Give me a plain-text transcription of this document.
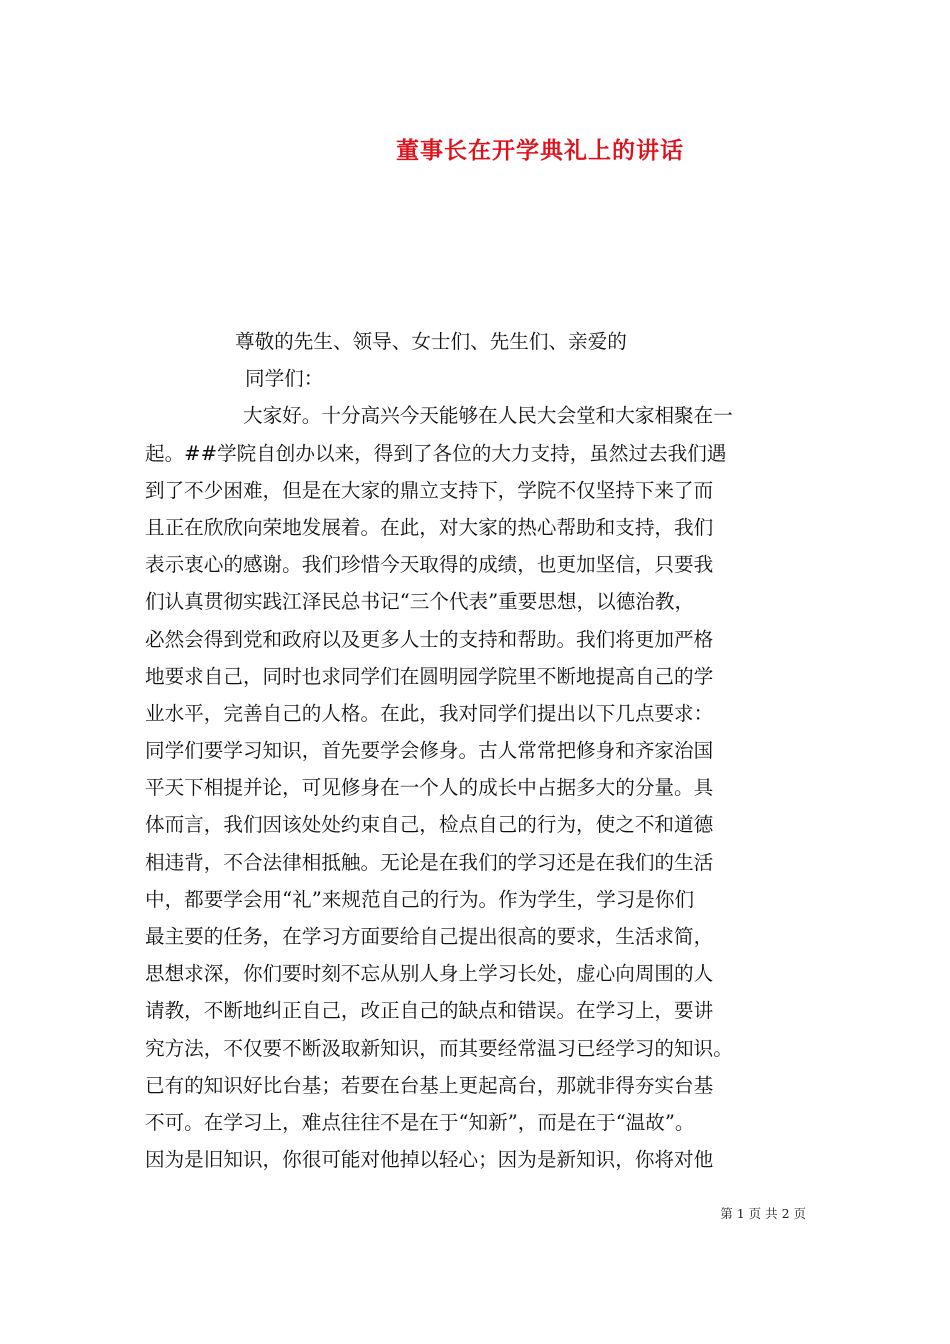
董事长在开学典礼上的讲话
尊敬的先生、领导、女士们、先生们、亲爱的
同学们：
大家好。十分高兴今天能够在人民大会堂和大家相聚在一
起。##学院自创办以来，得到了各位的大力支持，虽然过去我们遇
到了不少困难，但是在大家的鼎立支持下，学院不仅坚持下来了而
且正在欣欣向荣地发展着。在此，对大家的热心帮助和支持，我们
表示衷心的感谢。我们珍惜今天取得的成绩，也更加坚信，只要我
们认真贯彻实践江泽民总书记“三个代表”重要思想，以德治教，
必然会得到党和政府以及更多人士的支持和帮助。我们将更加严格
地要求自己，同时也求同学们在圆明园学院里不断地提高自己的学
业水平，完善自己的人格。在此，我对同学们提出以下几点要求：
同学们要学习知识，首先要学会修身。古人常常把修身和齐家治国
平天下相提并论，可见修身在一个人的成长中占据多大的分量。具
体而言，我们因该处处约束自己，检点自己的行为，使之不和道德
相违背，不合法律相抵触。无论是在我们的学习还是在我们的生活
中，都要学会用“礼”来规范自己的行为。作为学生，学习是你们
最主要的任务，在学习方面要给自己提出很高的要求，生活求简，
思想求深，你们要时刻不忘从别人身上学习长处，虚心向周围的人
请教，不断地纠正自己，改正自己的缺点和错误。在学习上，要讲
究方法，不仅要不断汲取新知识，而其要经常温习已经学习的知识。
已有的知识好比台基；若要在台基上更起高台，那就非得夯实台基
不可。在学习上，难点往往不是在于“知新”，而是在于“温故”。
因为是旧知识，你很可能对他掉以轻心；因为是新知识，你将对他
第 1 页 共 2 页
